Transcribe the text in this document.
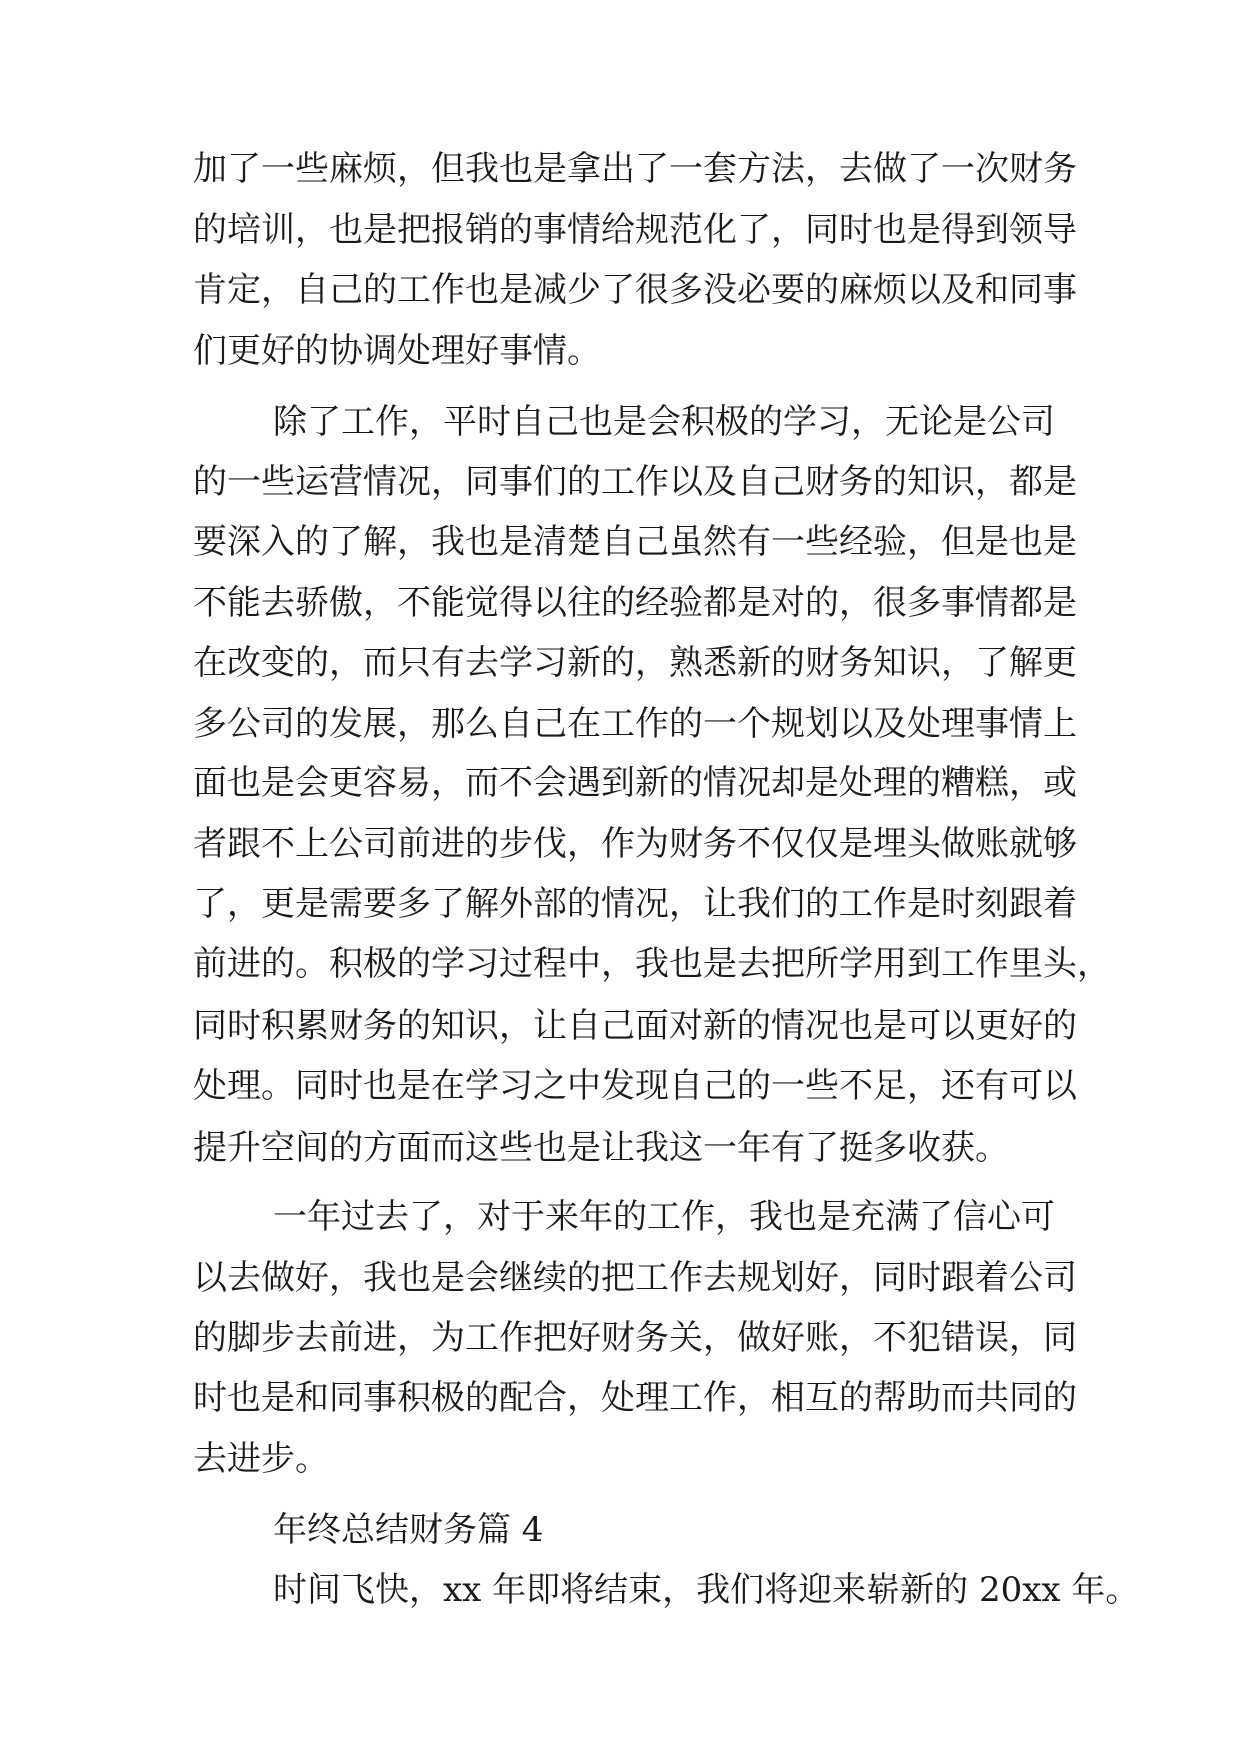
加了一些麻烦，但我也是拿出了一套方法，去做了一次财务

的培训，也是把报销的事情给规范化了，同时也是得到领导

肯定，自己的工作也是减少了很多没必要的麻烦以及和同事

们更好的协调处理好事情。

除了工作，平时自己也是会积极的学习，无论是公司

的一些运营情况，同事们的工作以及自己财务的知识，都是

要深入的了解，我也是清楚自己虽然有一些经验，但是也是

不能去骄傲，不能觉得以往的经验都是对的，很多事情都是

在改变的，而只有去学习新的，熟悉新的财务知识，了解更

多公司的发展，那么自己在工作的一个规划以及处理事情上

面也是会更容易，而不会遇到新的情况却是处理的糟糕，或

者跟不上公司前进的步伐，作为财务不仅仅是埋头做账就够

了，更是需要多了解外部的情况，让我们的工作是时刻跟着

前进的。积极的学习过程中，我也是去把所学用到工作里头，

同时积累财务的知识，让自己面对新的情况也是可以更好的

处理。同时也是在学习之中发现自己的一些不足，还有可以

提升空间的方面而这些也是让我这一年有了挺多收获。

一年过去了，对于来年的工作，我也是充满了信心可

以去做好，我也是会继续的把工作去规划好，同时跟着公司

的脚步去前进，为工作把好财务关，做好账，不犯错误，同

时也是和同事积极的配合，处理工作，相互的帮助而共同的

去进步。

年终总结财务篇 4

时间飞快，xx 年即将结束，我们将迎来崭新的 20xx 年。
